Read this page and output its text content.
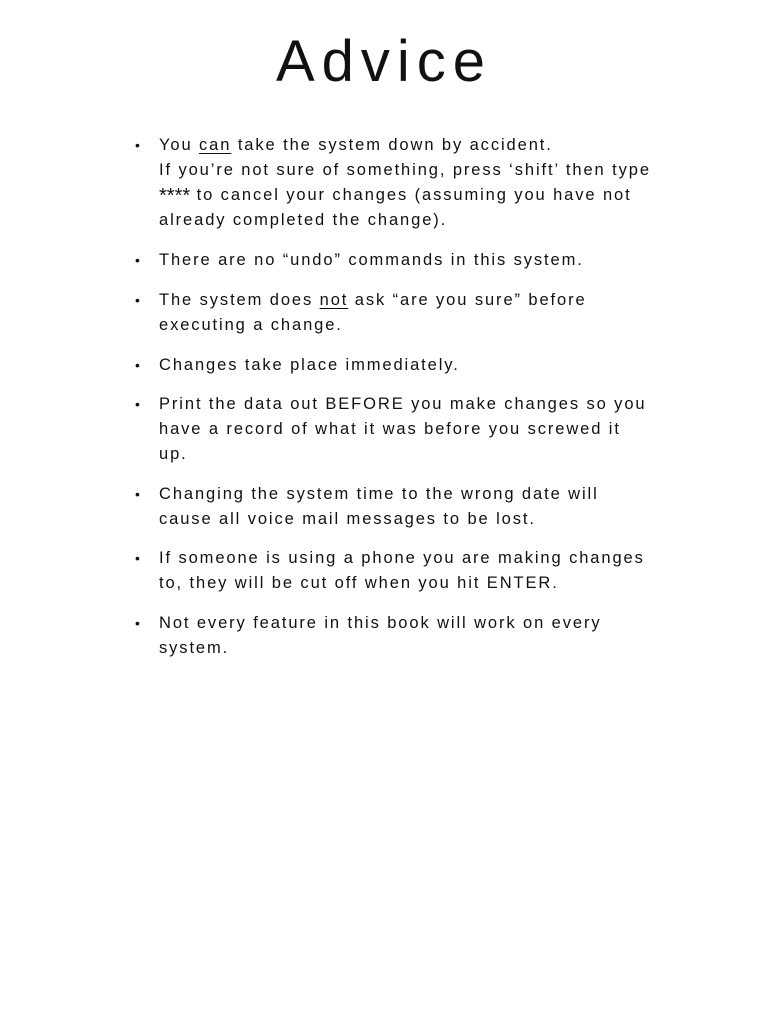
Advice
• You can take the system down by accident.
If you’re not sure of something, press ‘shift’ then type **** to cancel your changes (assuming you have not already completed the change).
• There are no “undo” commands in this system.
• The system does not ask “are you sure” before executing a change.
• Changes take place immediately.
• Print the data out BEFORE you make changes so you have a record of what it was before you screwed it up.
• Changing the system time to the wrong date will cause all voice mail messages to be lost.
• If someone is using a phone you are making changes to, they will be cut off when you hit ENTER.
• Not every feature in this book will work on every system.
